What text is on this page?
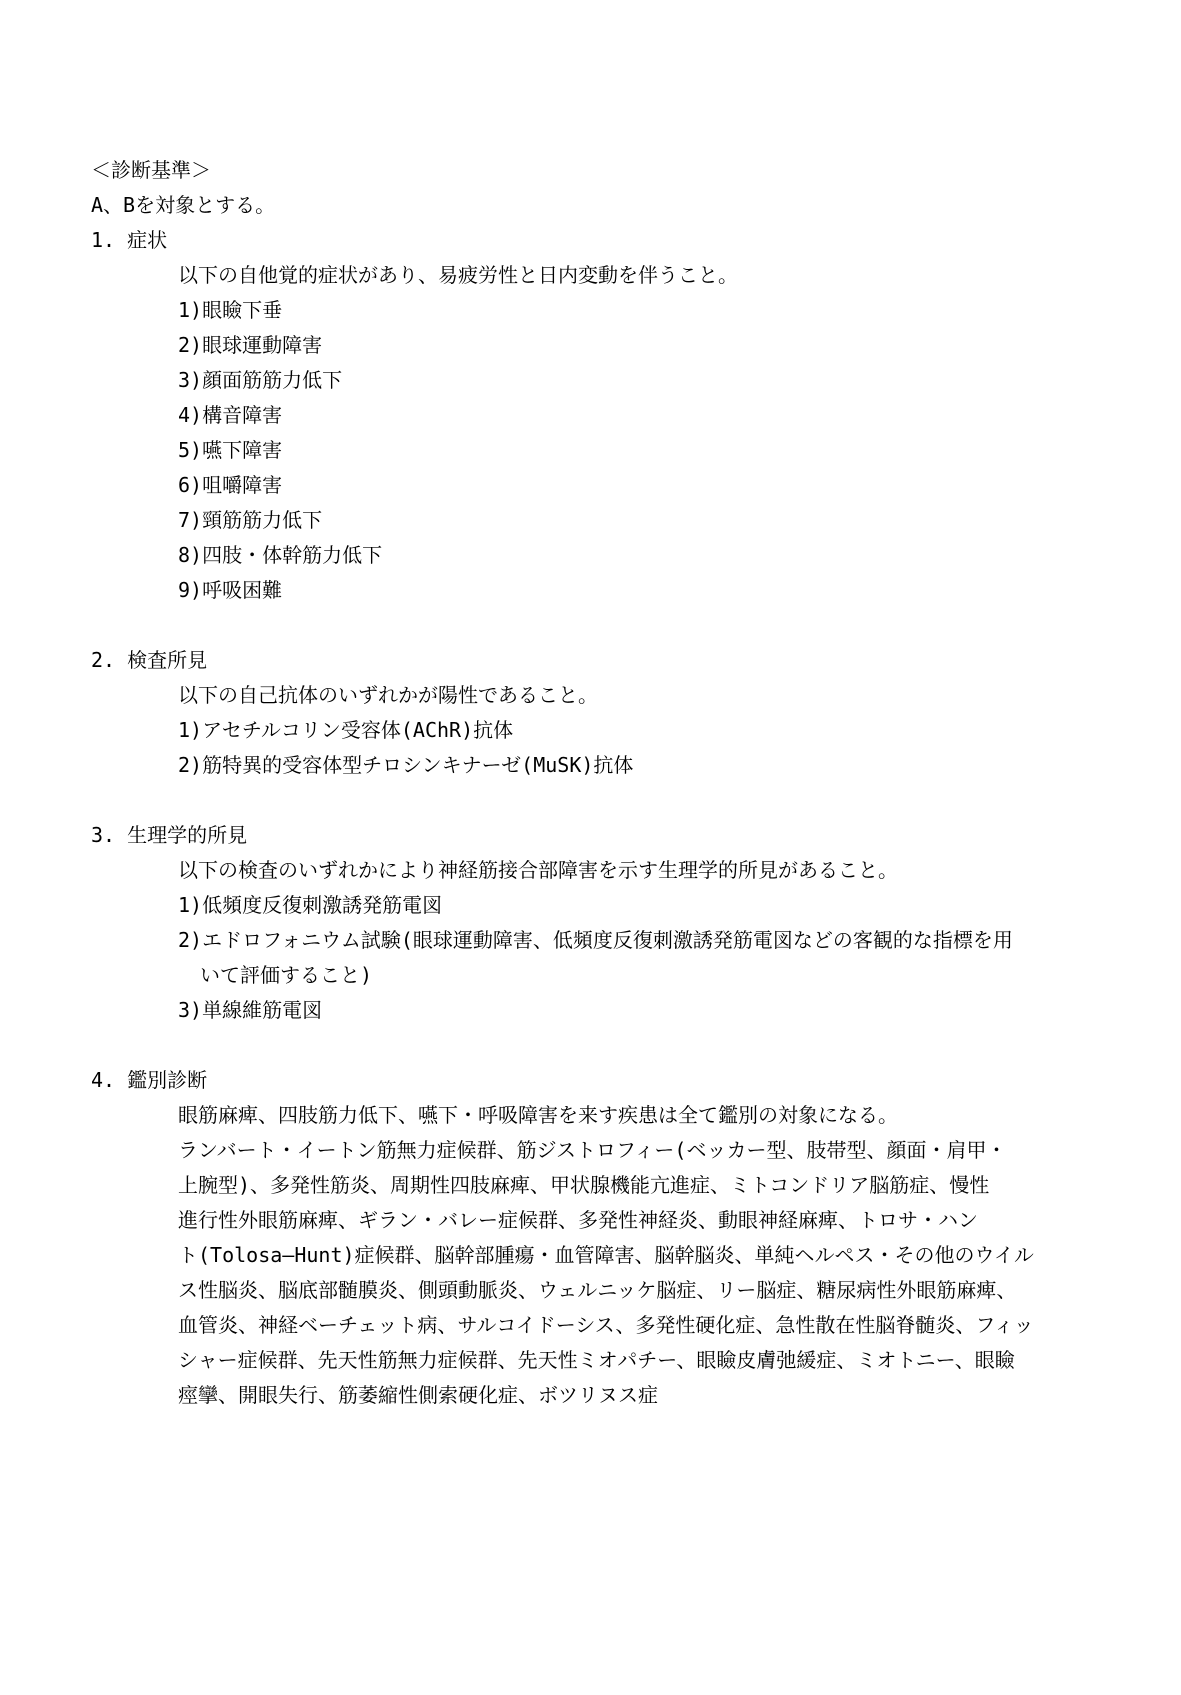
＜診断基準＞
A、Bを対象とする。
1. 症状
以下の自他覚的症状があり、易疲労性と日内変動を伴うこと。
1)眼瞼下垂
2)眼球運動障害
3)顔面筋筋力低下
4)構音障害
5)嚥下障害
6)咀嚼障害
7)頸筋筋力低下
8)四肢・体幹筋力低下
9)呼吸困難
2. 検査所見
以下の自己抗体のいずれかが陽性であること。
1)アセチルコリン受容体(AChR)抗体
2)筋特異的受容体型チロシンキナーゼ(MuSK)抗体
3. 生理学的所見
以下の検査のいずれかにより神経筋接合部障害を示す生理学的所見があること。
1)低頻度反復刺激誘発筋電図
2)エドロフォニウム試験(眼球運動障害、低頻度反復刺激誘発筋電図などの客観的な指標を用
いて評価すること)
3)単線維筋電図
4. 鑑別診断
眼筋麻痺、四肢筋力低下、嚥下・呼吸障害を来す疾患は全て鑑別の対象になる。
ランバート・イートン筋無力症候群、筋ジストロフィー(ベッカー型、肢帯型、顔面・肩甲・
上腕型)、多発性筋炎、周期性四肢麻痺、甲状腺機能亢進症、ミトコンドリア脳筋症、慢性
進行性外眼筋麻痺、ギラン・バレー症候群、多発性神経炎、動眼神経麻痺、トロサ・ハン
ト(Tolosa—Hunt)症候群、脳幹部腫瘍・血管障害、脳幹脳炎、単純ヘルペス・その他のウイル
ス性脳炎、脳底部髄膜炎、側頭動脈炎、ウェルニッケ脳症、リー脳症、糖尿病性外眼筋麻痺、
血管炎、神経ベーチェット病、サルコイドーシス、多発性硬化症、急性散在性脳脊髄炎、フィッ
シャー症候群、先天性筋無力症候群、先天性ミオパチー、眼瞼皮膚弛緩症、ミオトニー、眼瞼
痙攣、開眼失行、筋萎縮性側索硬化症、ボツリヌス症
